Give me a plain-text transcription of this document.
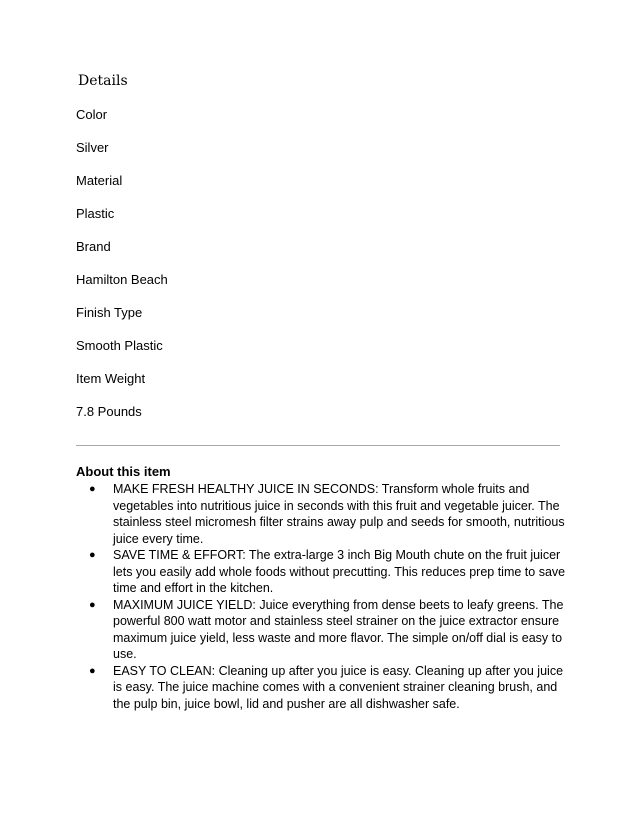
Details
Color
Silver
Material
Plastic
Brand
Hamilton Beach
Finish Type
Smooth Plastic
Item Weight
7.8 Pounds
About this item
● MAKE FRESH HEALTHY JUICE IN SECONDS: Transform whole fruits and vegetables into nutritious juice in seconds with this fruit and vegetable juicer. The stainless steel micromesh filter strains away pulp and seeds for smooth, nutritious juice every time.
● SAVE TIME & EFFORT: The extra-large 3 inch Big Mouth chute on the fruit juicer lets you easily add whole foods without precutting. This reduces prep time to save time and effort in the kitchen.
● MAXIMUM JUICE YIELD: Juice everything from dense beets to leafy greens. The powerful 800 watt motor and stainless steel strainer on the juice extractor ensure maximum juice yield, less waste and more flavor. The simple on/off dial is easy to use.
● EASY TO CLEAN: Cleaning up after you juice is easy. Cleaning up after you juice is easy. The juice machine comes with a convenient strainer cleaning brush, and the pulp bin, juice bowl, lid and pusher are all dishwasher safe.
